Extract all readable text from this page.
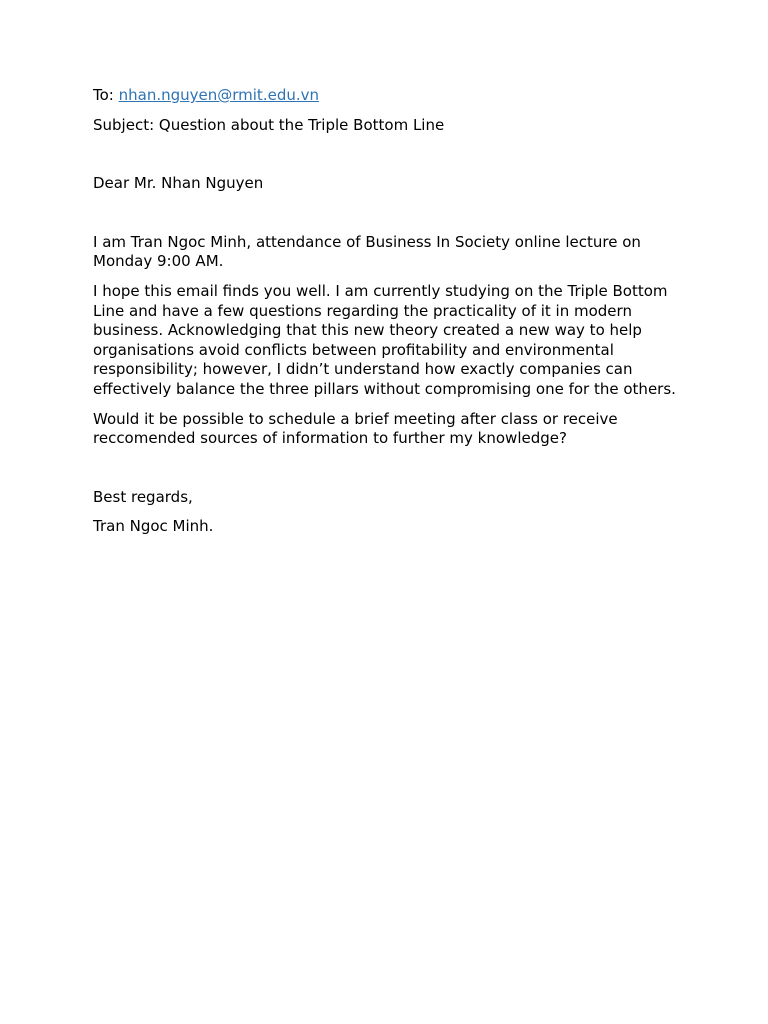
To: nhan.nguyen@rmit.edu.vn

Subject: Question about the Triple Bottom Line

Dear Mr. Nhan Nguyen

I am Tran Ngoc Minh, attendance of Business In Society online lecture on Monday 9:00 AM.

I hope this email finds you well. I am currently studying on the Triple Bottom Line and have a few questions regarding the practicality of it in modern business. Acknowledging that this new theory created a new way to help organisations avoid conflicts between profitability and environmental responsibility; however, I didn’t understand how exactly companies can effectively balance the three pillars without compromising one for the others.

Would it be possible to schedule a brief meeting after class or receive reccomended sources of information to further my knowledge?

Best regards,

Tran Ngoc Minh.
